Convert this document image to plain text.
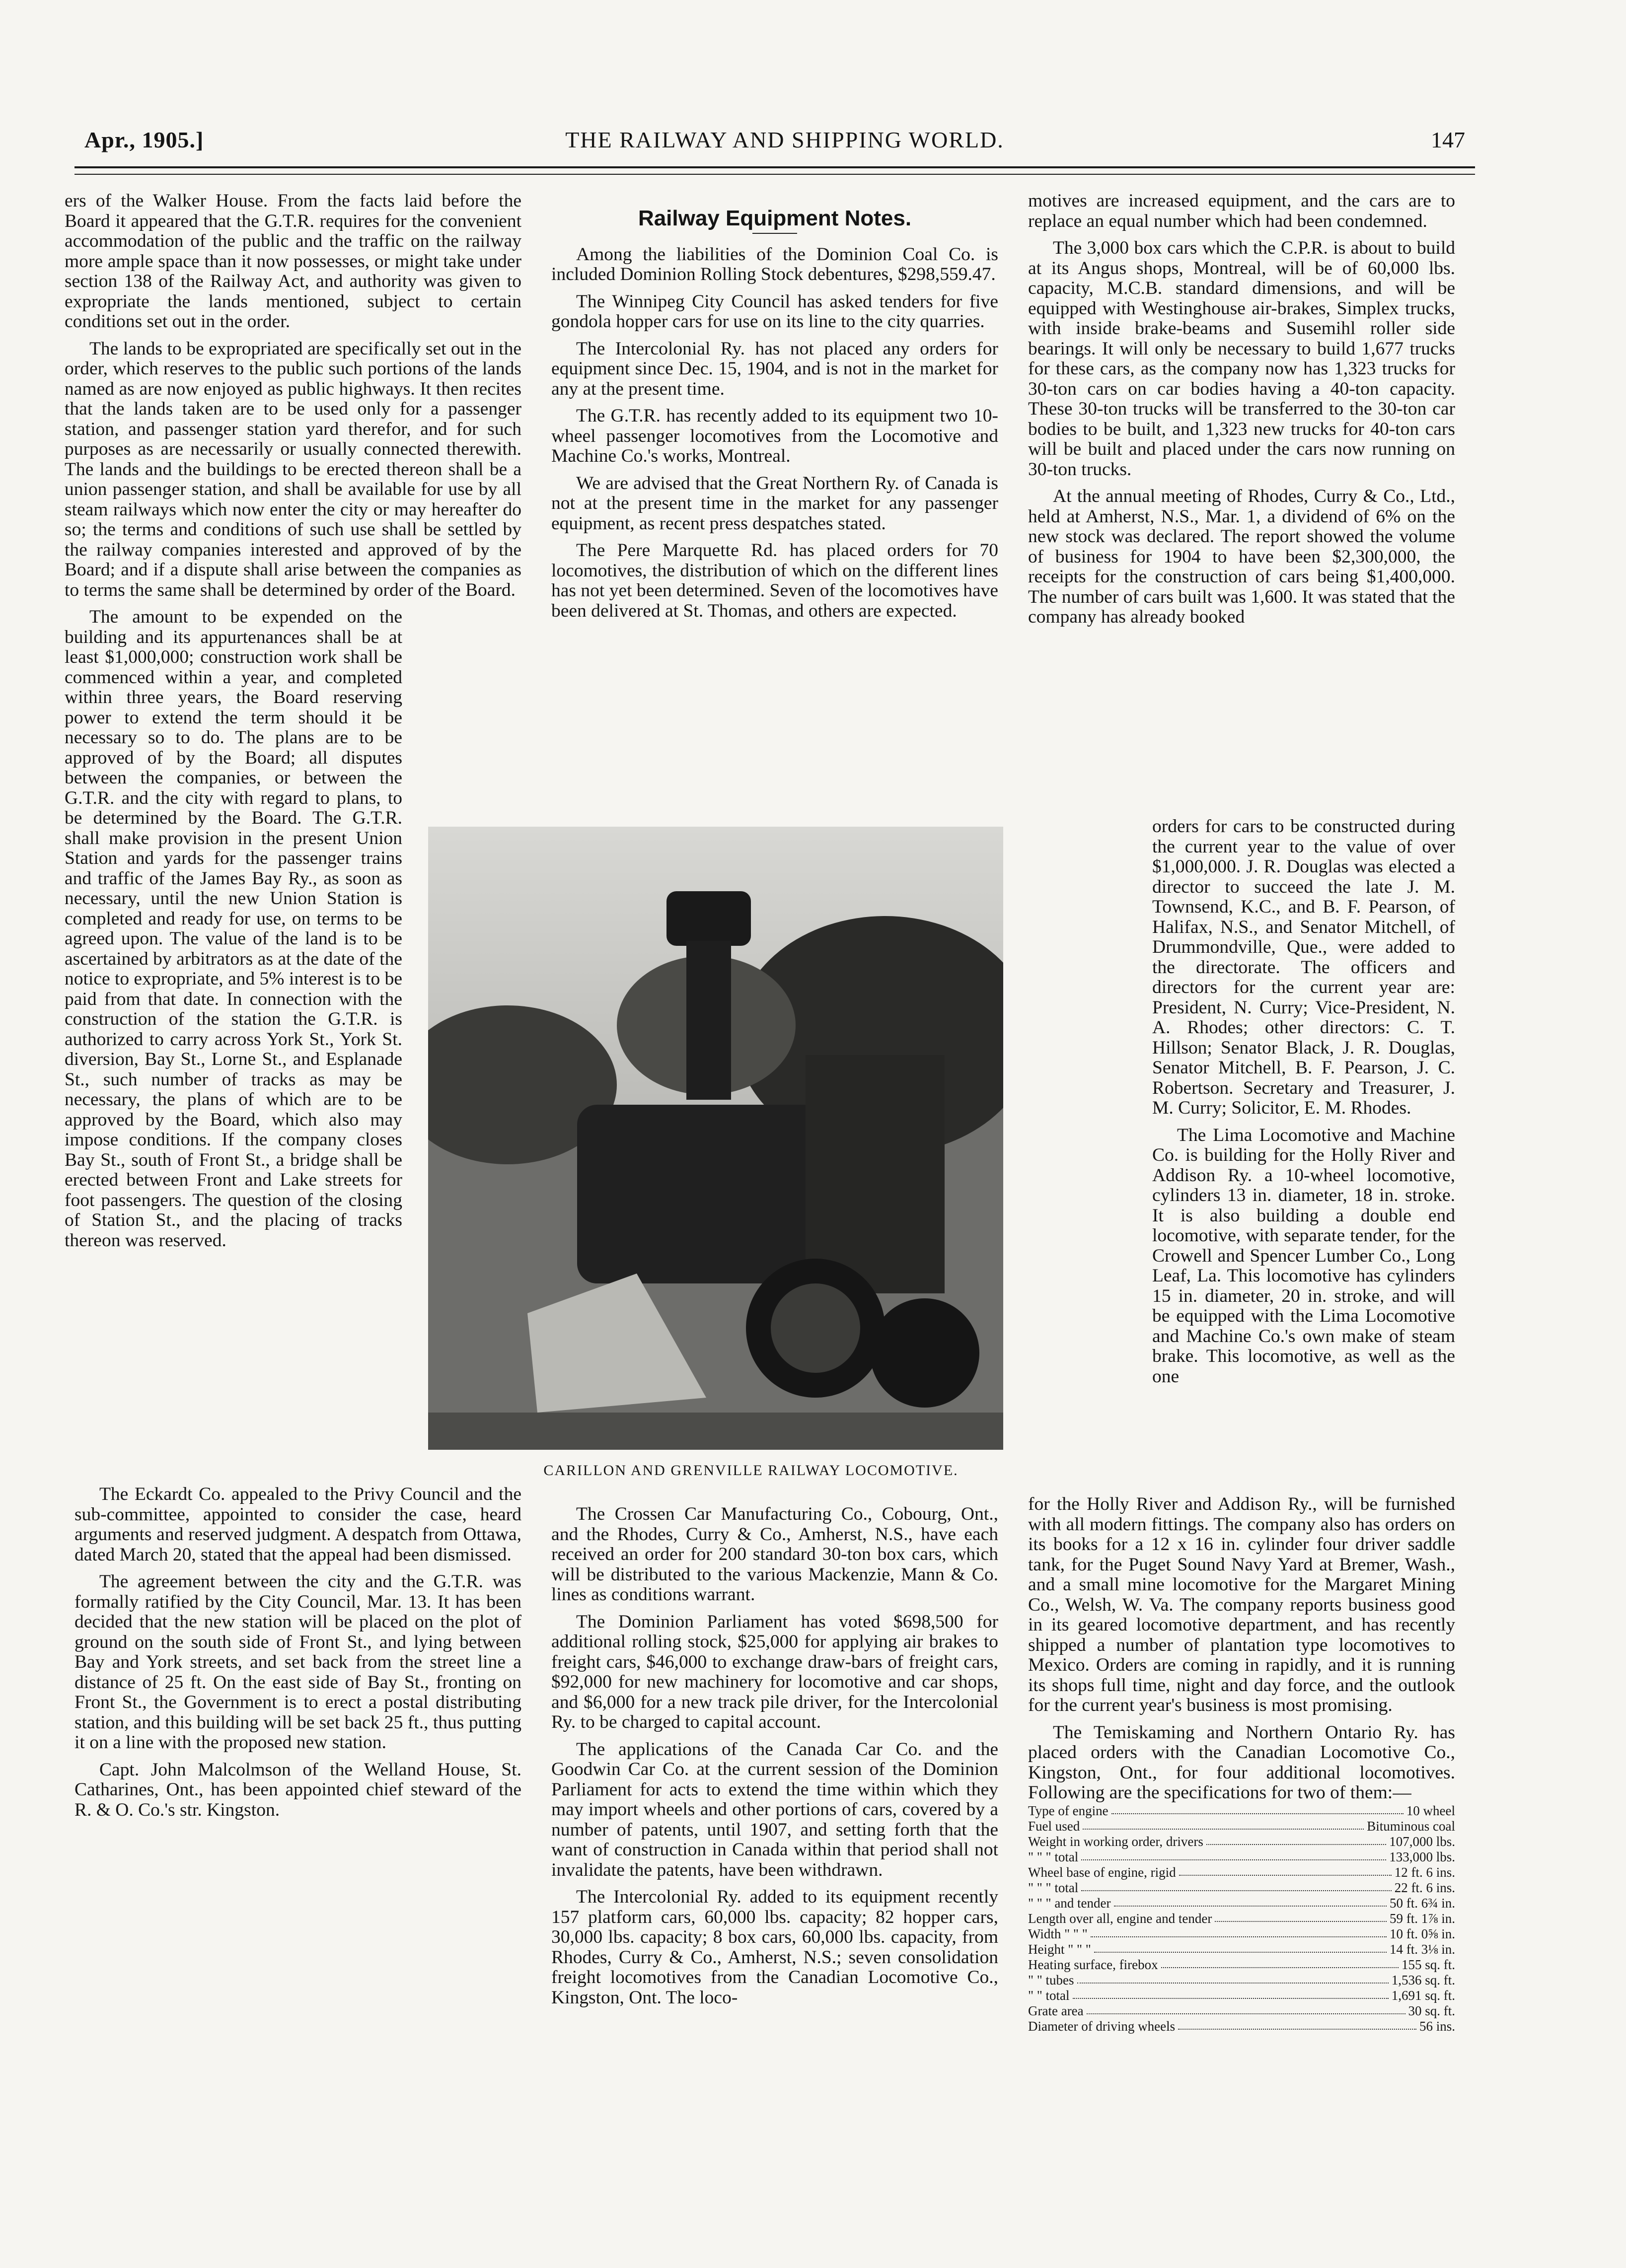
Apr., 1905.]	THE RAILWAY AND SHIPPING WORLD.	147

ers of the Walker House. From the facts laid before the Board it appeared that the G.T.R. requires for the convenient accommodation of the public and the traffic on the railway more ample space than it now possesses, or might take under section 138 of the Railway Act, and authority was given to expropriate the lands mentioned, subject to certain conditions set out in the order.

The lands to be expropriated are specifically set out in the order, which reserves to the public such portions of the lands named as are now enjoyed as public highways. It then recites that the lands taken are to be used only for a passenger station, and passenger station yard therefor, and for such purposes as are necessarily or usually connected therewith. The lands and the buildings to be erected thereon shall be a union passenger station, and shall be available for use by all steam railways which now enter the city or may hereafter do so; the terms and conditions of such use shall be settled by the railway companies interested and approved of by the Board; and if a dispute shall arise between the companies as to terms the same shall be determined by order of the Board.

The amount to be expended on the building and its appurtenances shall be at least $1,000,000; construction work shall be commenced within a year, and completed within three years, the Board reserving power to extend the term should it be necessary so to do. The plans are to be approved of by the Board; all disputes between the companies, or between the G.T.R. and the city with regard to plans, to be determined by the Board. The G.T.R. shall make provision in the present Union Station and yards for the passenger trains and traffic of the James Bay Ry., as soon as necessary, until the new Union Station is completed and ready for use, on terms to be agreed upon. The value of the land is to be ascertained by arbitrators as at the date of the notice to expropriate, and 5% interest is to be paid from that date. In connection with the construction of the station the G.T.R. is authorized to carry across York St., York St. diversion, Bay St., Lorne St., and Esplanade St., such number of tracks as may be necessary, the plans of which are to be approved by the Board, which also may impose conditions. If the company closes Bay St., south of Front St., a bridge shall be erected between Front and Lake streets for foot passengers. The question of the closing of Station St., and the placing of tracks thereon was reserved.

The Eckardt Co. appealed to the Privy Council and the sub-committee, appointed to consider the case, heard arguments and reserved judgment. A despatch from Ottawa, dated March 20, stated that the appeal had been dismissed.

The agreement between the city and the G.T.R. was formally ratified by the City Council, Mar. 13. It has been decided that the new station will be placed on the plot of ground on the south side of Front St., and lying between Bay and York streets, and set back from the street line a distance of 25 ft. On the east side of Bay St., fronting on Front St., the Government is to erect a postal distributing station, and this building will be set back 25 ft., thus putting it on a line with the proposed new station.

Capt. John Malcolmson of the Welland House, St. Catharines, Ont., has been appointed chief steward of the R. & O. Co.'s str. Kingston.

Railway Equipment Notes.

Among the liabilities of the Dominion Coal Co. is included Dominion Rolling Stock debentures, $298,559.47.

The Winnipeg City Council has asked tenders for five gondola hopper cars for use on its line to the city quarries.

The Intercolonial Ry. has not placed any orders for equipment since Dec. 15, 1904, and is not in the market for any at the present time.

The G.T.R. has recently added to its equipment two 10-wheel passenger locomotives from the Locomotive and Machine Co.'s works, Montreal.

We are advised that the Great Northern Ry. of Canada is not at the present time in the market for any passenger equipment, as recent press despatches stated.

The Pere Marquette Rd. has placed orders for 70 locomotives, the distribution of which on the different lines has not yet been determined. Seven of the locomotives have been delivered at St. Thomas, and others are expected.

CARILLON AND GRENVILLE RAILWAY LOCOMOTIVE.

The Crossen Car Manufacturing Co., Cobourg, Ont., and the Rhodes, Curry & Co., Amherst, N.S., have each received an order for 200 standard 30-ton box cars, which will be distributed to the various Mackenzie, Mann & Co. lines as conditions warrant.

The Dominion Parliament has voted $698,500 for additional rolling stock, $25,000 for applying air brakes to freight cars, $46,000 to exchange draw-bars of freight cars, $92,000 for new machinery for locomotive and car shops, and $6,000 for a new track pile driver, for the Intercolonial Ry. to be charged to capital account.

The applications of the Canada Car Co. and the Goodwin Car Co. at the current session of the Dominion Parliament for acts to extend the time within which they may import wheels and other portions of cars, covered by a number of patents, until 1907, and setting forth that the want of construction in Canada within that period shall not invalidate the patents, have been withdrawn.

The Intercolonial Ry. added to its equipment recently 157 platform cars, 60,000 lbs. capacity; 82 hopper cars, 30,000 lbs. capacity; 8 box cars, 60,000 lbs. capacity, from Rhodes, Curry & Co., Amherst, N.S.; seven consolidation freight locomotives from the Canadian Locomotive Co., Kingston, Ont. The loco-

motives are increased equipment, and the cars are to replace an equal number which had been condemned.

The 3,000 box cars which the C.P.R. is about to build at its Angus shops, Montreal, will be of 60,000 lbs. capacity, M.C.B. standard dimensions, and will be equipped with Westinghouse air-brakes, Simplex trucks, with inside brake-beams and Susemihl roller side bearings. It will only be necessary to build 1,677 trucks for these cars, as the company now has 1,323 trucks for 30-ton cars on car bodies having a 40-ton capacity. These 30-ton trucks will be transferred to the 30-ton car bodies to be built, and 1,323 new trucks for 40-ton cars will be built and placed under the cars now running on 30-ton trucks.

At the annual meeting of Rhodes, Curry & Co., Ltd., held at Amherst, N.S., Mar. 1, a dividend of 6% on the new stock was declared. The report showed the volume of business for 1904 to have been $2,300,000, the receipts for the construction of cars being $1,400,000. The number of cars built was 1,600. It was stated that the company has already booked

orders for cars to be constructed during the current year to the value of over $1,000,000. J. R. Douglas was elected a director to succeed the late J. M. Townsend, K.C., and B. F. Pearson, of Halifax, N.S., and Senator Mitchell, of Drummondville, Que., were added to the directorate. The officers and directors for the current year are: President, N. Curry; Vice-President, N. A. Rhodes; other directors: C. T. Hillson; Senator Black, J. R. Douglas, Senator Mitchell, B. F. Pearson, J. C. Robertson. Secretary and Treasurer, J. M. Curry; Solicitor, E. M. Rhodes.

The Lima Locomotive and Machine Co. is building for the Holly River and Addison Ry. a 10-wheel locomotive, cylinders 13 in. diameter, 18 in. stroke. It is also building a double end locomotive, with separate tender, for the Crowell and Spencer Lumber Co., Long Leaf, La. This locomotive has cylinders 15 in. diameter, 20 in. stroke, and will be equipped with the Lima Locomotive and Machine Co.'s own make of steam brake. This locomotive, as well as the one

for the Holly River and Addison Ry., will be furnished with all modern fittings. The company also has orders on its books for a 12 x 16 in. cylinder four driver saddle tank, for the Puget Sound Navy Yard at Bremer, Wash., and a small mine locomotive for the Margaret Mining Co., Welsh, W. Va. The company reports business good in its geared locomotive department, and has recently shipped a number of plantation type locomotives to Mexico. Orders are coming in rapidly, and it is running its shops full time, night and day force, and the outlook for the current year's business is most promising.

The Temiskaming and Northern Ontario Ry. has placed orders with the Canadian Locomotive Co., Kingston, Ont., for four additional locomotives. Following are the specifications for two of them:—

Type of engine	10 wheel
Fuel used	Bituminous coal
Weight in working order, drivers	107,000 lbs.
" " " total	133,000 lbs.
Wheel base of engine, rigid	12 ft. 6 ins.
" " " total	22 ft. 6 ins.
" " " and tender	50 ft. 6¾ in.
Length over all, engine and tender	59 ft. 1⅞ in.
Width " " "	10 ft. 0⅝ in.
Height " " "	14 ft. 3⅛ in.
Heating surface, firebox	155 sq. ft.
" " tubes	1,536 sq. ft.
" " total	1,691 sq. ft.
Grate area	30 sq. ft.
Diameter of driving wheels	56 ins.
